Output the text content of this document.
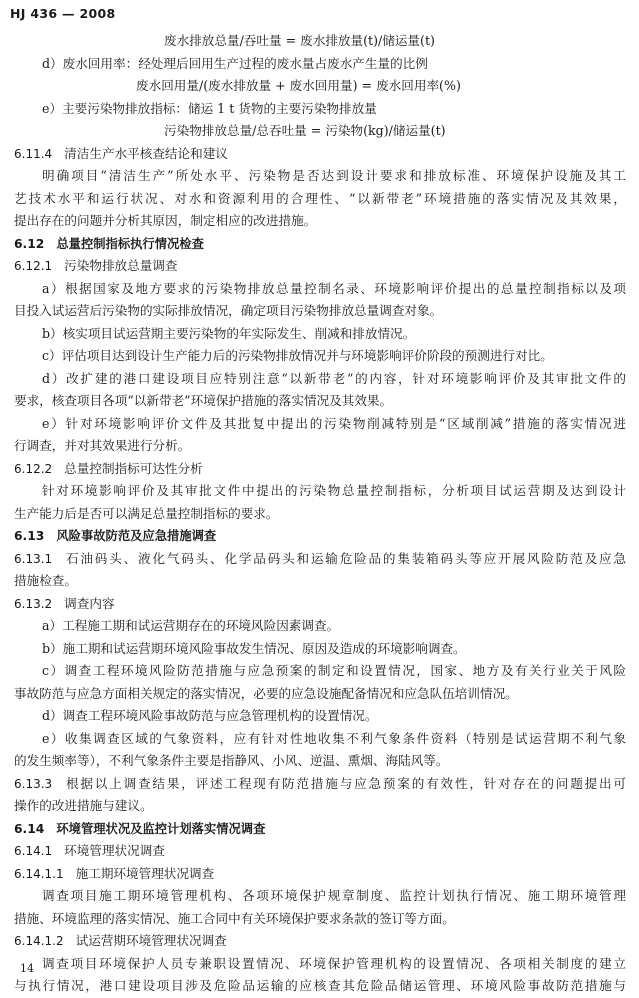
HJ 436 — 2008
废水排放总量/吞吐量 = 废水排放量(t)/储运量(t)
d）废水回用率：经处理后回用生产过程的废水量占废水产生量的比例
废水回用量/(废水排放量 + 废水回用量) = 废水回用率(%)
e）主要污染物排放指标：储运 1 t 货物的主要污染物排放量
污染物排放总量/总吞吐量 = 污染物(kg)/储运量(t)
6.11.4 清洁生产水平核查结论和建议
明确项目“清洁生产”所处水平、污染物是否达到设计要求和排放标准、环境保护设施及其工
艺技术水平和运行状况、对水和资源利用的合理性、“以新带老”环境措施的落实情况及其效果，
提出存在的问题并分析其原因，制定相应的改进措施。
6.12 总量控制指标执行情况检查
6.12.1 污染物排放总量调查
a）根据国家及地方要求的污染物排放总量控制名录、环境影响评价提出的总量控制指标以及项
目投入试运营后污染物的实际排放情况，确定项目污染物排放总量调查对象。
b）核实项目试运营期主要污染物的年实际发生、削减和排放情况。
c）评估项目达到设计生产能力后的污染物排放情况并与环境影响评价阶段的预测进行对比。
d）改扩建的港口建设项目应特别注意“以新带老”的内容，针对环境影响评价及其审批文件的
要求，核查项目各项“以新带老”环境保护措施的落实情况及其效果。
e）针对环境影响评价文件及其批复中提出的污染物削减特别是“区域削减”措施的落实情况进
行调查，并对其效果进行分析。
6.12.2 总量控制指标可达性分析
针对环境影响评价及其审批文件中提出的污染物总量控制指标，分析项目试运营期及达到设计
生产能力后是否可以满足总量控制指标的要求。
6.13 风险事故防范及应急措施调查
6.13.1 石油码头、液化气码头、化学品码头和运输危险品的集装箱码头等应开展风险防范及应急
措施检查。
6.13.2 调查内容
a）工程施工期和试运营期存在的环境风险因素调查。
b）施工期和试运营期环境风险事故发生情况、原因及造成的环境影响调查。
c）调查工程环境风险防范措施与应急预案的制定和设置情况，国家、地方及有关行业关于风险
事故防范与应急方面相关规定的落实情况，必要的应急设施配备情况和应急队伍培训情况。
d）调查工程环境风险事故防范与应急管理机构的设置情况。
e）收集调查区域的气象资料，应有针对性地收集不利气象条件资料（特别是试运营期不利气象
的发生频率等），不利气象条件主要是指静风、小风、逆温、熏烟、海陆风等。
6.13.3 根据以上调查结果，评述工程现有防范措施与应急预案的有效性，针对存在的问题提出可
操作的改进措施与建议。
6.14 环境管理状况及监控计划落实情况调查
6.14.1 环境管理状况调查
6.14.1.1 施工期环境管理状况调查
调查项目施工期环境管理机构、各项环境保护规章制度、监控计划执行情况、施工期环境管理
措施、环境监理的落实情况、施工合同中有关环境保护要求条款的签订等方面。
6.14.1.2 试运营期环境管理状况调查
调查项目环境保护人员专兼职设置情况、环境保护管理机构的设置情况、各项相关制度的建立
与执行情况，港口建设项目涉及危险品运输的应核查其危险品储运管理、环境风险事故防范措施与
14
